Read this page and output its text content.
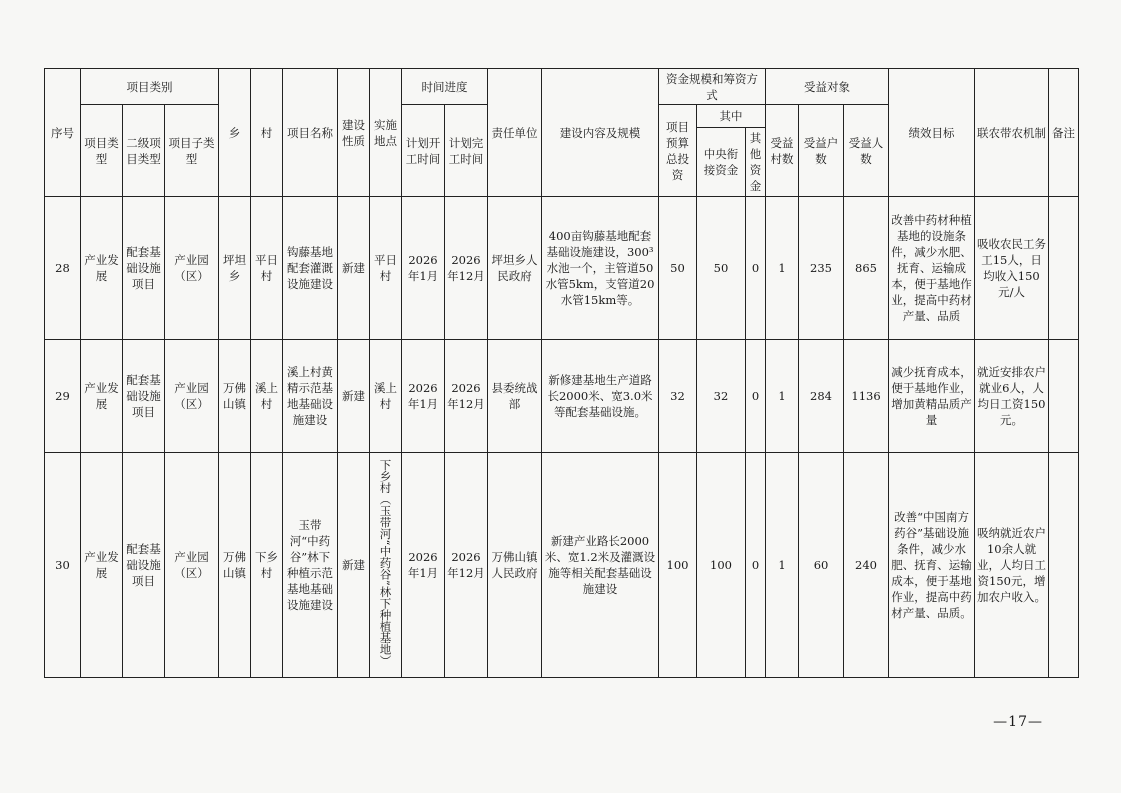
序号	项目类别			乡	村	项目名称	建设性质	实施地点	时间进度		责任单位	建设内容及规模	资金规模和筹资方式			受益对象			绩效目标	联农带农机制	备注
	项目类型	二级项目类型	项目子类型						计划开工时间	计划完工时间			项目预算总投资	其中		受益村数	受益户数	受益人数			
														中央衔接资金	其他资金						
28	产业发展	配套基础设施项目	产业园（区）	坪坦乡	平日村	钩藤基地配套灌溉设施建设	新建	平日村	2026年1月	2026年12月	坪坦乡人民政府	400亩钩藤基地配套基础设施建设，300³水池一个，主管道50水管5km，支管道20水管15km等。	50	50	0	1	235	865	改善中药材种植基地的设施条件，减少水肥、抚育、运输成本，便于基地作业，提高中药材产量、品质	吸收农民工务工15人，日均收入150元/人	
29	产业发展	配套基础设施项目	产业园（区）	万佛山镇	溪上村	溪上村黄精示范基地基础设施建设	新建	溪上村	2026年1月	2026年12月	县委统战部	新修建基地生产道路长2000米、宽3.0米等配套基础设施。	32	32	0	1	284	1136	减少抚育成本，便于基地作业，增加黄精品质产量	就近安排农户就业6人，人均日工资150元。	
30	产业发展	配套基础设施项目	产业园（区）	万佛山镇	下乡村	玉带河“中药谷”林下种植示范基地基础设施建设	新建	下乡村（玉带河“中药谷”林下种植基地）	2026年1月	2026年12月	万佛山镇人民政府	新建产业路长2000米、宽1.2米及灌溉设施等相关配套基础设施建设	100	100	0	1	60	240	改善“中国南方药谷”基础设施条件，减少水肥、抚育、运输成本，便于基地作业，提高中药材产量、品质。	吸纳就近农户10余人就业，人均日工资150元，增加农户收入。	
—17—
